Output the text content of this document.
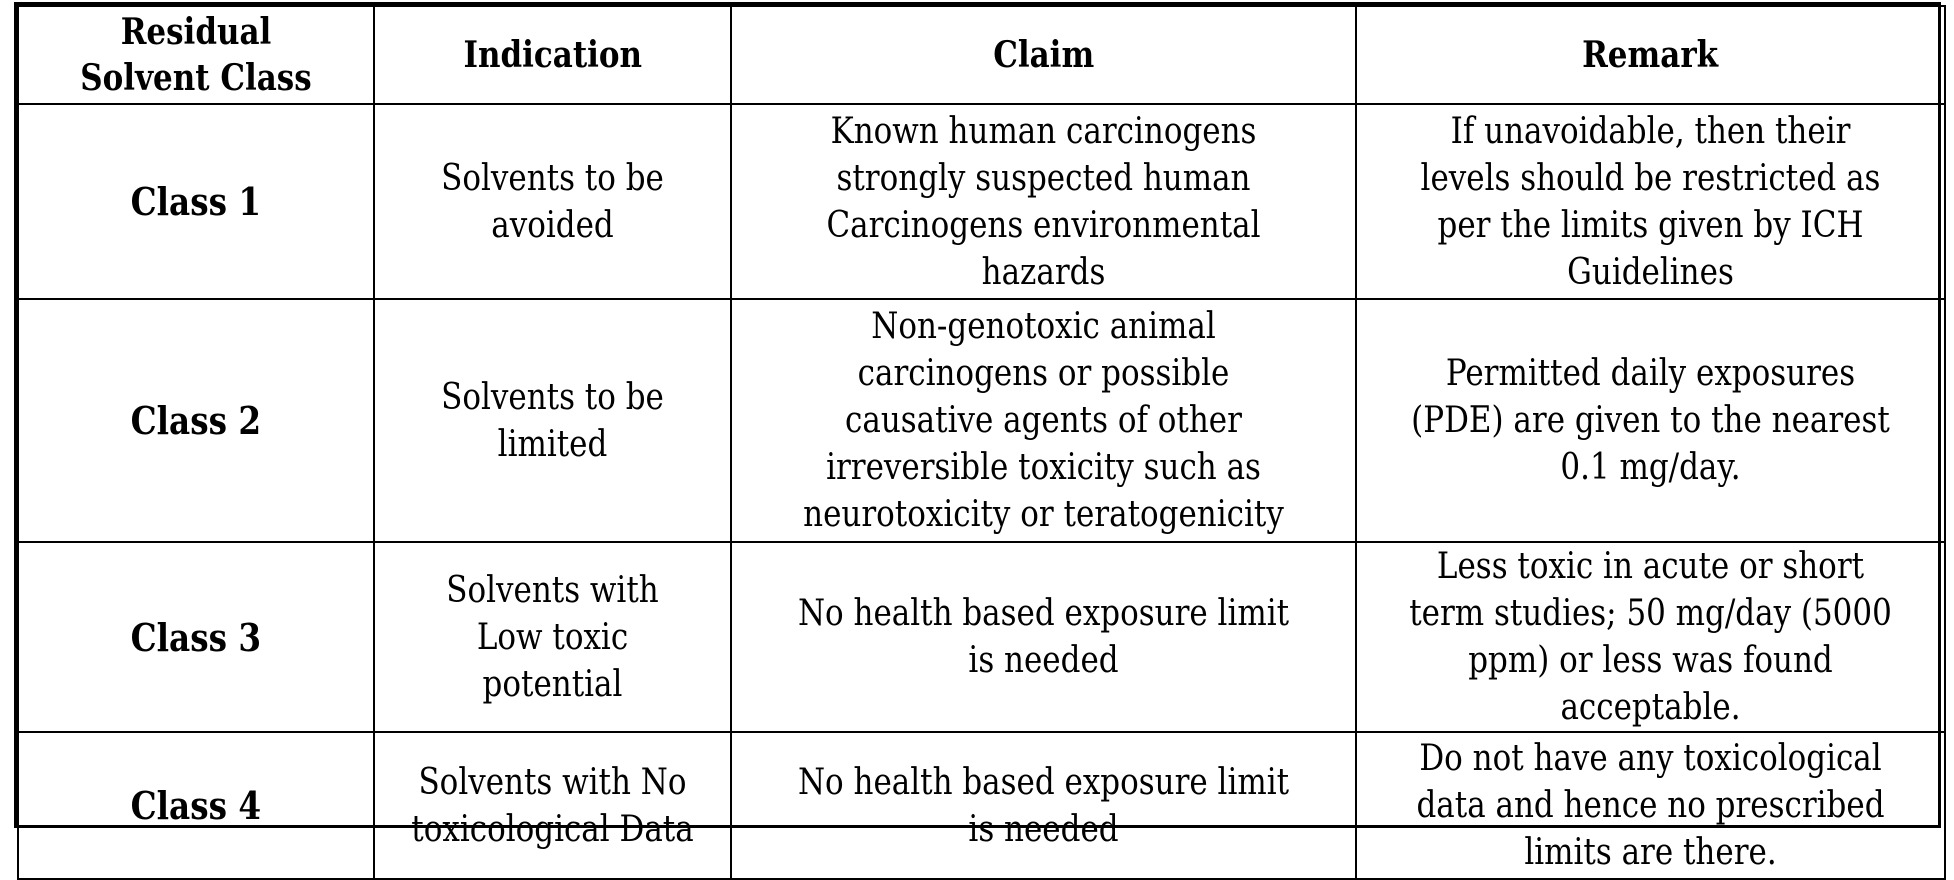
Residual Solvent Class	Indication	Claim	Remark
Class 1	Solvents to be avoided	Known human carcinogens strongly suspected human Carcinogens environmental hazards	If unavoidable, then their levels should be restricted as per the limits given by ICH Guidelines
Class 2	Solvents to be limited	Non-genotoxic animal carcinogens or possible causative agents of other irreversible toxicity such as neurotoxicity or teratogenicity	Permitted daily exposures (PDE) are given to the nearest 0.1 mg/day.
Class 3	Solvents with Low toxic potential	No health based exposure limit is needed	Less toxic in acute or short term studies; 50 mg/day (5000 ppm) or less was found acceptable.
Class 4	Solvents with No toxicological Data	No health based exposure limit is needed	Do not have any toxicological data and hence no prescribed limits are there.
